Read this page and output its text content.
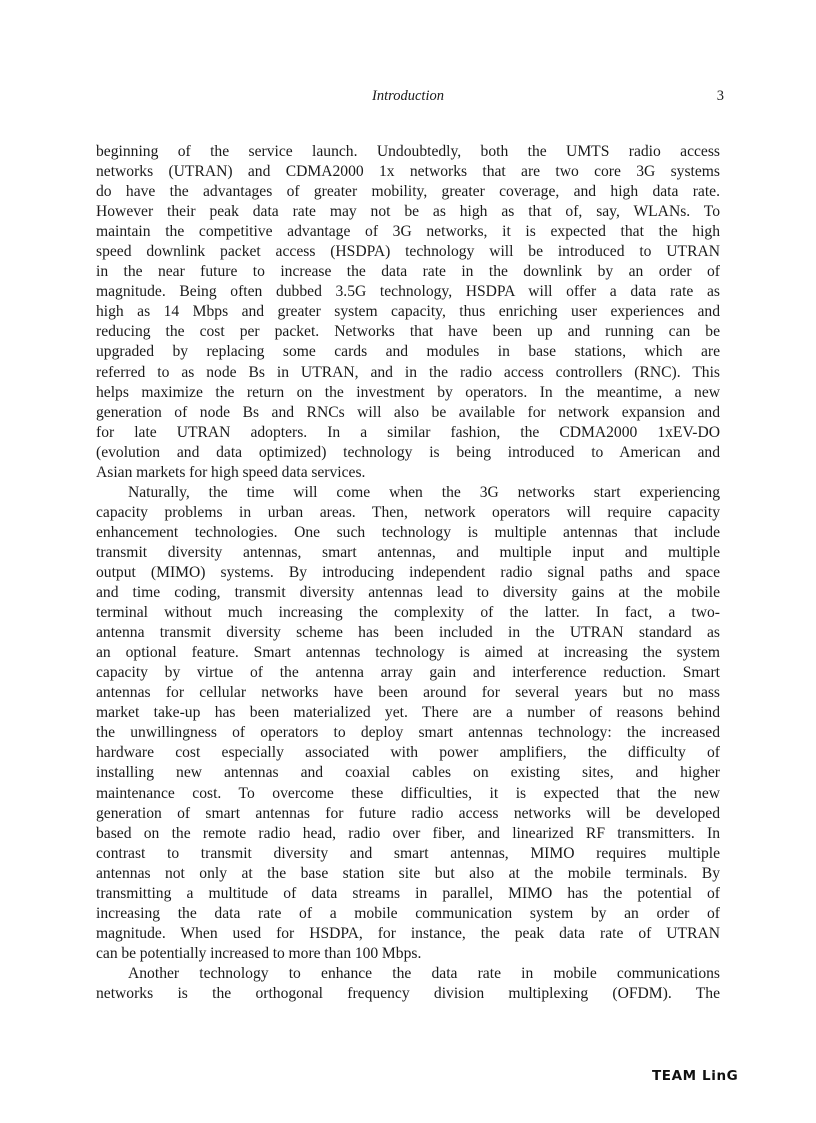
Introduction	3
beginning of the service launch. Undoubtedly, both the UMTS radio access
networks (UTRAN) and CDMA2000 1x networks that are two core 3G systems
do have the advantages of greater mobility, greater coverage, and high data rate.
However their peak data rate may not be as high as that of, say, WLANs. To
maintain the competitive advantage of 3G networks, it is expected that the high
speed downlink packet access (HSDPA) technology will be introduced to UTRAN
in the near future to increase the data rate in the downlink by an order of
magnitude. Being often dubbed 3.5G technology, HSDPA will offer a data rate as
high as 14 Mbps and greater system capacity, thus enriching user experiences and
reducing the cost per packet. Networks that have been up and running can be
upgraded by replacing some cards and modules in base stations, which are
referred to as node Bs in UTRAN, and in the radio access controllers (RNC). This
helps maximize the return on the investment by operators. In the meantime, a new
generation of node Bs and RNCs will also be available for network expansion and
for late UTRAN adopters. In a similar fashion, the CDMA2000 1xEV-DO
(evolution and data optimized) technology is being introduced to American and
Asian markets for high speed data services.
Naturally, the time will come when the 3G networks start experiencing
capacity problems in urban areas. Then, network operators will require capacity
enhancement technologies. One such technology is multiple antennas that include
transmit diversity antennas, smart antennas, and multiple input and multiple
output (MIMO) systems. By introducing independent radio signal paths and space
and time coding, transmit diversity antennas lead to diversity gains at the mobile
terminal without much increasing the complexity of the latter. In fact, a two-
antenna transmit diversity scheme has been included in the UTRAN standard as
an optional feature. Smart antennas technology is aimed at increasing the system
capacity by virtue of the antenna array gain and interference reduction. Smart
antennas for cellular networks have been around for several years but no mass
market take-up has been materialized yet. There are a number of reasons behind
the unwillingness of operators to deploy smart antennas technology: the increased
hardware cost especially associated with power amplifiers, the difficulty of
installing new antennas and coaxial cables on existing sites, and higher
maintenance cost. To overcome these difficulties, it is expected that the new
generation of smart antennas for future radio access networks will be developed
based on the remote radio head, radio over fiber, and linearized RF transmitters. In
contrast to transmit diversity and smart antennas, MIMO requires multiple
antennas not only at the base station site but also at the mobile terminals. By
transmitting a multitude of data streams in parallel, MIMO has the potential of
increasing the data rate of a mobile communication system by an order of
magnitude. When used for HSDPA, for instance, the peak data rate of UTRAN
can be potentially increased to more than 100 Mbps.
Another technology to enhance the data rate in mobile communications
networks is the orthogonal frequency division multiplexing (OFDM). The
TEAM LinG
